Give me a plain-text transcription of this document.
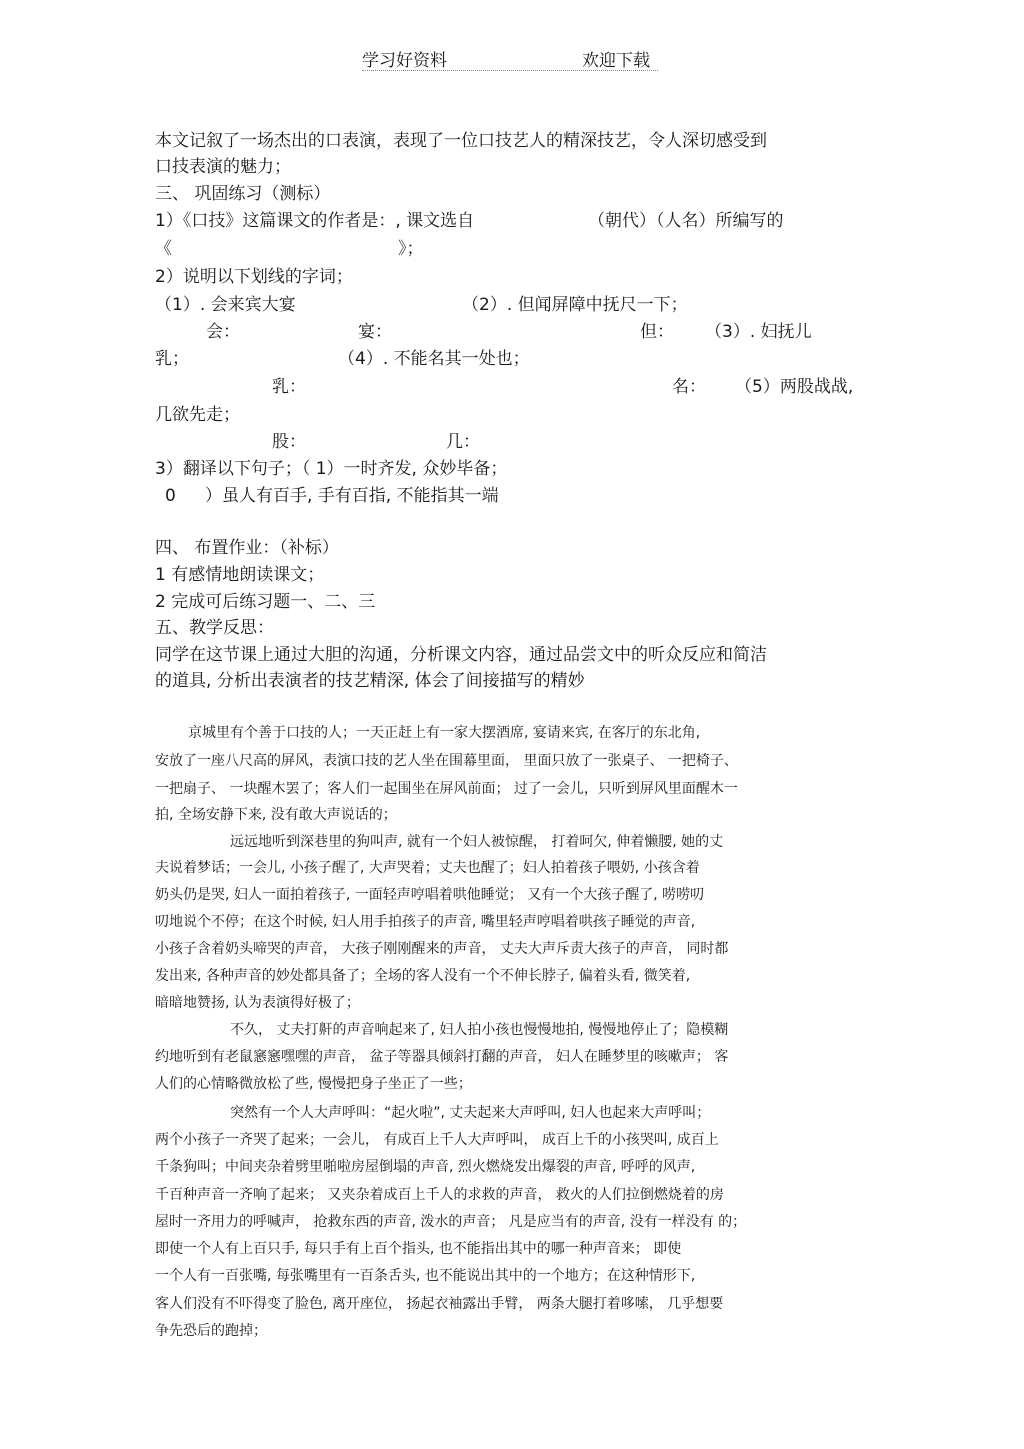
学习好资料	欢迎下载
本文记叙了一场杰出的口表演，表现了一位口技艺人的精深技艺，令人深切感受到
口技表演的魅力；
三、 巩固练习（测标）
1）《口技》这篇课文的作者是：, 课文选自	（朝代）（人名）所编写的
《	》；
2）说明以下划线的字词；
（1）. 会来宾大宴	（2）. 但闻屏障中抚尺一下；
会：	宴：	但： （3）. 妇抚儿
乳；	（4）. 不能名其一处也；
乳：	名： （5）两股战战,
几欲先走；
股：	几：
3）翻译以下句子；（ 1）一时齐发, 众妙毕备；
0 ）虽人有百手, 手有百指, 不能指其一端
四、 布置作业：（补标）
1 有感情地朗读课文；
2 完成可后练习题一、二、三
五、教学反思：
同学在这节课上通过大胆的沟通，分析课文内容，通过品尝文中的听众反应和简洁
的道具, 分析出表演者的技艺精深, 体会了间接描写的精妙
京城里有个善于口技的人；一天正赶上有一家大摆酒席, 宴请来宾, 在客厅的东北角,
安放了一座八尺高的屏风，表演口技的艺人坐在围幕里面， 里面只放了一张桌子、 一把椅子、
一把扇子、 一块醒木罢了；客人们一起围坐在屏风前面； 过了一会儿，只听到屏风里面醒木一
拍, 全场安静下来, 没有敢大声说话的；
远远地听到深巷里的狗叫声, 就有一个妇人被惊醒， 打着呵欠, 伸着懒腰, 她的丈
夫说着梦话；一会儿, 小孩子醒了, 大声哭着；丈夫也醒了；妇人拍着孩子喂奶, 小孩含着
奶头仍是哭, 妇人一面拍着孩子, 一面轻声哼唱着哄他睡觉； 又有一个大孩子醒了, 唠唠叨
叨地说个不停；在这个时候, 妇人用手拍孩子的声音, 嘴里轻声哼唱着哄孩子睡觉的声音,
小孩子含着奶头啼哭的声音， 大孩子刚刚醒来的声音， 丈夫大声斥责大孩子的声音， 同时都
发出来, 各种声音的妙处都具备了；全场的客人没有一个不伸长脖子, 偏着头看, 微笑着,
暗暗地赞扬, 认为表演得好极了；
不久， 丈夫打鼾的声音响起来了, 妇人拍小孩也慢慢地拍, 慢慢地停止了；隐模糊
约地听到有老鼠窸窸嘿嘿的声音， 盆子等器具倾斜打翻的声音， 妇人在睡梦里的咳嗽声； 客
人们的心情略微放松了些, 慢慢把身子坐正了一些；
突然有一个人大声呼叫：“起火啦”, 丈夫起来大声呼叫, 妇人也起来大声呼叫；
两个小孩子一齐哭了起来；一会儿， 有成百上千人大声呼叫， 成百上千的小孩哭叫, 成百上
千条狗叫；中间夹杂着劈里啪啦房屋倒塌的声音, 烈火燃烧发出爆裂的声音, 呼呼的风声,
千百种声音一齐响了起来； 又夹杂着成百上千人的求救的声音， 救火的人们拉倒燃烧着的房
屋时一齐用力的呼喊声， 抢救东西的声音, 泼水的声音； 凡是应当有的声音, 没有一样没有 的；
即使一个人有上百只手, 每只手有上百个指头, 也不能指出其中的哪一种声音来； 即使
一个人有一百张嘴, 每张嘴里有一百条舌头, 也不能说出其中的一个地方；在这种情形下,
客人们没有不吓得变了脸色, 离开座位， 扬起衣袖露出手臂， 两条大腿打着哆嗦， 几乎想要
争先恐后的跑掉；
